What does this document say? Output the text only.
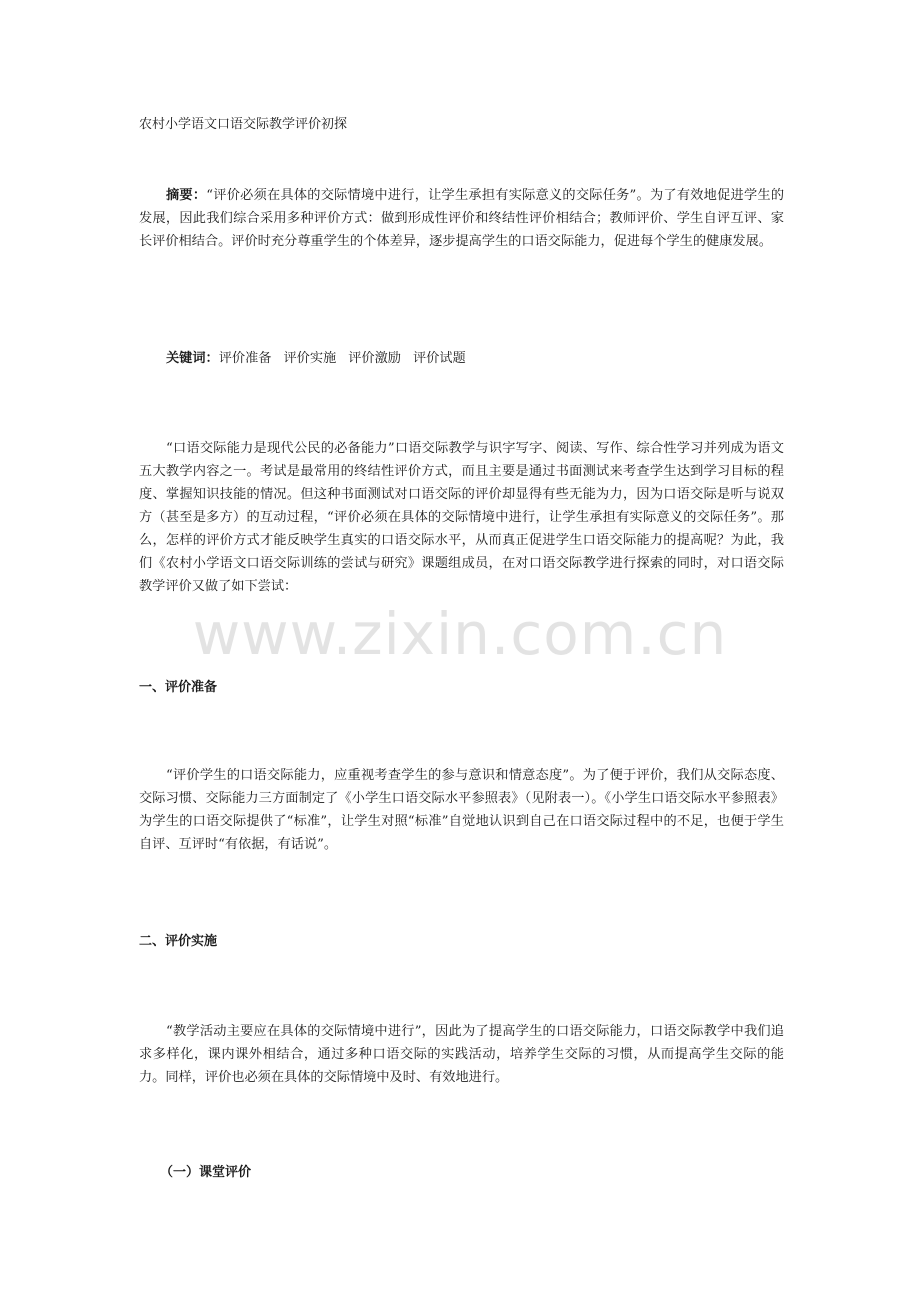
农村小学语文口语交际教学评价初探

摘要：“评价必须在具体的交际情境中进行，让学生承担有实际意义的交际任务”。为了有效地促进学生的发展，因此我们综合采用多种评价方式：做到形成性评价和终结性评价相结合；教师评价、学生自评互评、家长评价相结合。评价时充分尊重学生的个体差异，逐步提高学生的口语交际能力，促进每个学生的健康发展。

关键词：评价准备 评价实施 评价激励 评价试题

“口语交际能力是现代公民的必备能力”口语交际教学与识字写字、阅读、写作、综合性学习并列成为语文五大教学内容之一。考试是最常用的终结性评价方式，而且主要是通过书面测试来考查学生达到学习目标的程度、掌握知识技能的情况。但这种书面测试对口语交际的评价却显得有些无能为力，因为口语交际是听与说双方（甚至是多方）的互动过程，“评价必须在具体的交际情境中进行，让学生承担有实际意义的交际任务”。那么，怎样的评价方式才能反映学生真实的口语交际水平，从而真正促进学生口语交际能力的提高呢？为此，我们《农村小学语文口语交际训练的尝试与研究》课题组成员，在对口语交际教学进行探索的同时，对口语交际教学评价又做了如下尝试：

一、评价准备

“评价学生的口语交际能力，应重视考查学生的参与意识和情意态度”。为了便于评价，我们从交际态度、交际习惯、交际能力三方面制定了《小学生口语交际水平参照表》（见附表一）。《小学生口语交际水平参照表》为学生的口语交际提供了“标准”，让学生对照“标准”自觉地认识到自己在口语交际过程中的不足，也便于学生自评、互评时“有依据，有话说”。

二、评价实施

“教学活动主要应在具体的交际情境中进行”，因此为了提高学生的口语交际能力，口语交际教学中我们追求多样化，课内课外相结合，通过多种口语交际的实践活动，培养学生交际的习惯，从而提高学生交际的能力。同样，评价也必须在具体的交际情境中及时、有效地进行。

（一）课堂评价
www.zixin.com.cn
